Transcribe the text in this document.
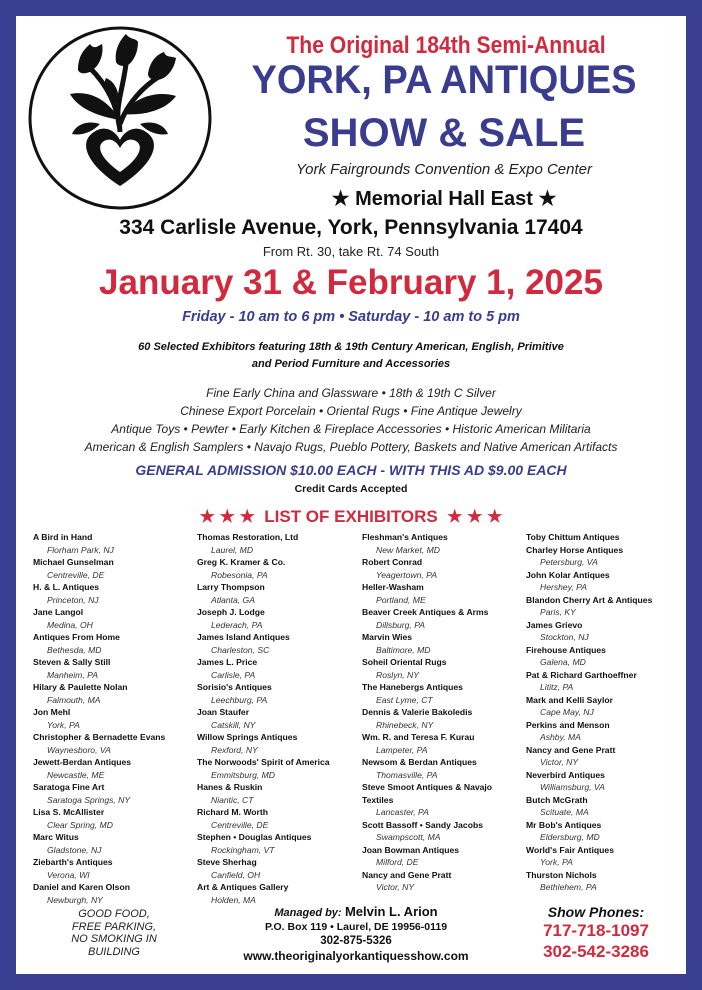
The Original 184th Semi-Annual
YORK, PA ANTIQUES
SHOW & SALE
York Fairgrounds Convention & Expo Center
★ Memorial Hall East ★
334 Carlisle Avenue, York, Pennsylvania 17404
From Rt. 30, take Rt. 74 South
January 31 & February 1, 2025
Friday - 10 am to 6 pm • Saturday - 10 am to 5 pm
60 Selected Exhibitors featuring 18th & 19th Century American, English, Primitive
and Period Furniture and Accessories
Fine Early China and Glassware • 18th & 19th C Silver
Chinese Export Porcelain • Oriental Rugs • Fine Antique Jewelry
Antique Toys • Pewter • Early Kitchen & Fireplace Accessories • Historic American Militaria
American & English Samplers • Navajo Rugs, Pueblo Pottery, Baskets and Native American Artifacts
GENERAL ADMISSION $10.00 EACH - WITH THIS AD $9.00 EACH
Credit Cards Accepted
★ ★ ★  LIST OF EXHIBITORS  ★ ★ ★
A Bird in Hand
Florham Park, NJ
Michael Gunselman
Centreville, DE
H. & L. Antiques
Princeton, NJ
Jane Langol
Medina, OH
Antiques From Home
Bethesda, MD
Steven & Sally Still
Manheim, PA
Hilary & Paulette Nolan
Falmouth, MA
Jon Mehl
York, PA
Christopher & Bernadette Evans
Waynesboro, VA
Jewett-Berdan Antiques
Newcastle, ME
Saratoga Fine Art
Saratoga Springs, NY
Lisa S. McAllister
Clear Spring, MD
Marc Witus
Gladstone, NJ
Ziebarth's Antiques
Verona, WI
Daniel and Karen Olson
Newburgh, NY
Thomas Restoration, Ltd
Laurel, MD
Greg K. Kramer & Co.
Robesonia, PA
Larry Thompson
Atlanta, GA
Joseph J. Lodge
Lederach, PA
James Island Antiques
Charleston, SC
James L. Price
Carlisle, PA
Sorisio's Antiques
Leechburg, PA
Joan Staufer
Catskill, NY
Willow Springs Antiques
Rexford, NY
The Norwoods' Spirit of America
Emmitsburg, MD
Hanes & Ruskin
Niantic, CT
Richard M. Worth
Centreville, DE
Stephen • Douglas Antiques
Rockingham, VT
Steve Sherhag
Canfield, OH
Art & Antiques Gallery
Holden, MA
Fleshman's Antiques
New Market, MD
Robert Conrad
Yeagertown, PA
Heller-Washam
Portland, ME
Beaver Creek Antiques & Arms
Dillsburg, PA
Marvin Wies
Baltimore, MD
Soheil Oriental Rugs
Roslyn, NY
The Hanebergs Antiques
East Lyme, CT
Dennis & Valerie Bakoledis
Rhinebeck, NY
Wm. R. and Teresa F. Kurau
Lampeter, PA
Newsom & Berdan Antiques
Thomasville, PA
Steve Smoot Antiques & Navajo Textiles
Lancaster, PA
Scott Bassoff • Sandy Jacobs
Swampscott, MA
Joan Bowman Antiques
Milford, DE
Nancy and Gene Pratt
Victor, NY
Toby Chittum Antiques
Charley Horse Antiques
Petersburg, VA
John Kolar Antiques
Hershey, PA
Blandon Cherry Art & Antiques
Paris, KY
James Grievo
Stockton, NJ
Firehouse Antiques
Galena, MD
Pat & Richard Garthoeffner
Lititz, PA
Mark and Kelli Saylor
Cape May, NJ
Perkins and Menson
Ashby, MA
Nancy and Gene Pratt
Victor, NY
Neverbird Antiques
Williamsburg, VA
Butch McGrath
Scituate, MA
Mr Bob's Antiques
Eldersburg, MD
World's Fair Antiques
York, PA
Thurston Nichols
Bethlehem, PA
GOOD FOOD,
FREE PARKING,
NO SMOKING IN
BUILDING
Managed by: Melvin L. Arion
P.O. Box 119 • Laurel, DE 19956-0119
302-875-5326
www.theoriginalyorkantiquesshow.com
Show Phones:
717-718-1097
302-542-3286
